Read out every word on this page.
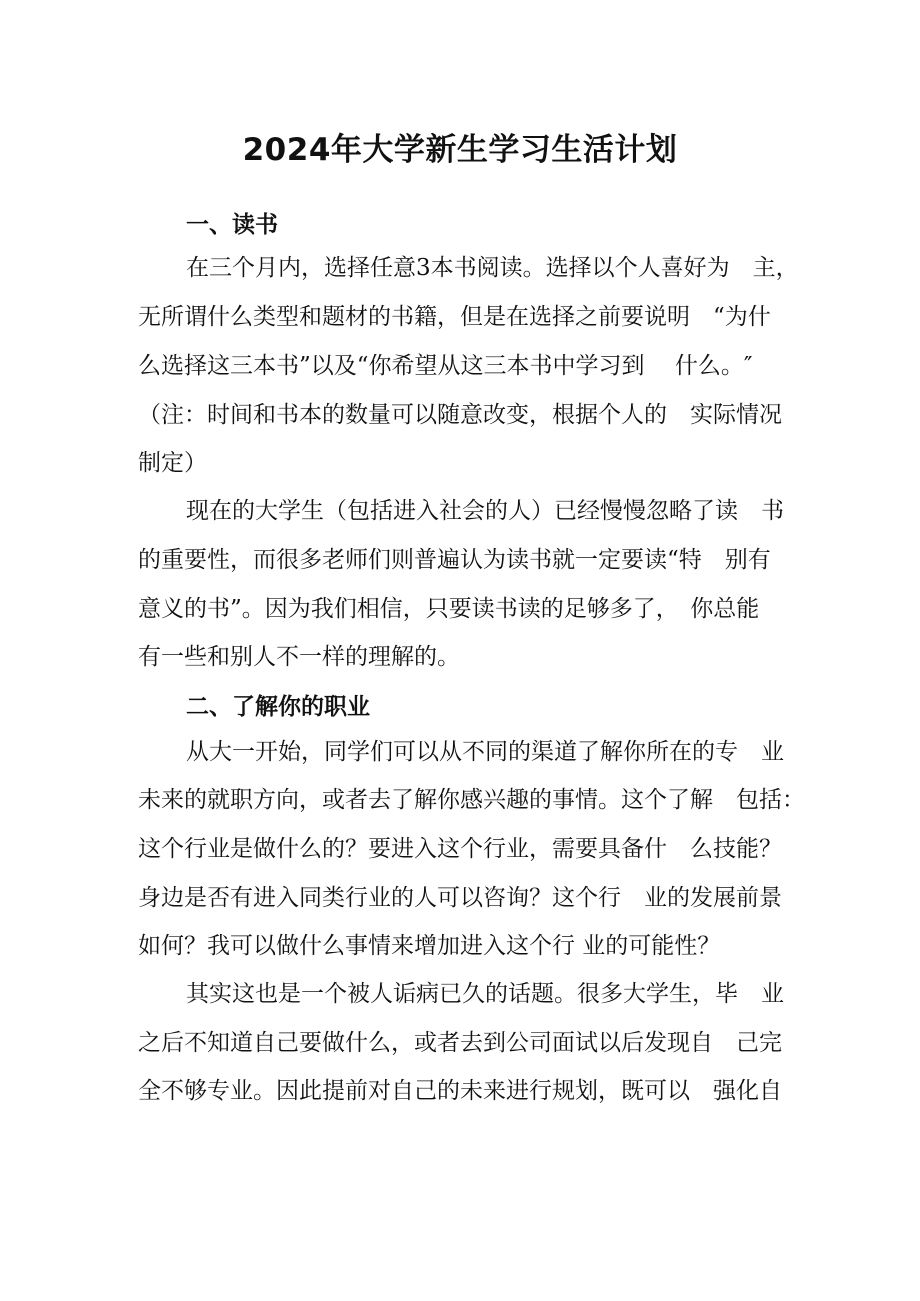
2024年大学新生学习生活计划
一、读书

在三个月内，选择任意3本书阅读。选择以个人喜好为　主，

无所谓什么类型和题材的书籍，但是在选择之前要说明　“为什

么选择这三本书”以及“你希望从这三本书中学习到　 什么。″

（注：时间和书本的数量可以随意改变，根据个人的　实际情况

制定）

现在的大学生（包括进入社会的人）已经慢慢忽略了读　书

的重要性，而很多老师们则普遍认为读书就一定要读“特　别有

意义的书”。因为我们相信，只要读书读的足够多了，　你总能

有一些和别人不一样的理解的。

二、了解你的职业

从大一开始，同学们可以从不同的渠道了解你所在的专　业

未来的就职方向，或者去了解你感兴趣的事情。这个了解　包括：

这个行业是做什么的？要进入这个行业，需要具备什　么技能？

身边是否有进入同类行业的人可以咨询？这个行　业的发展前景

如何？我可以做什么事情来增加进入这个行 业的可能性？

其实这也是一个被人诟病已久的话题。很多大学生，毕　业

之后不知道自己要做什么，或者去到公司面试以后发现自　己完

全不够专业。因此提前对自己的未来进行规划，既可以　强化自
